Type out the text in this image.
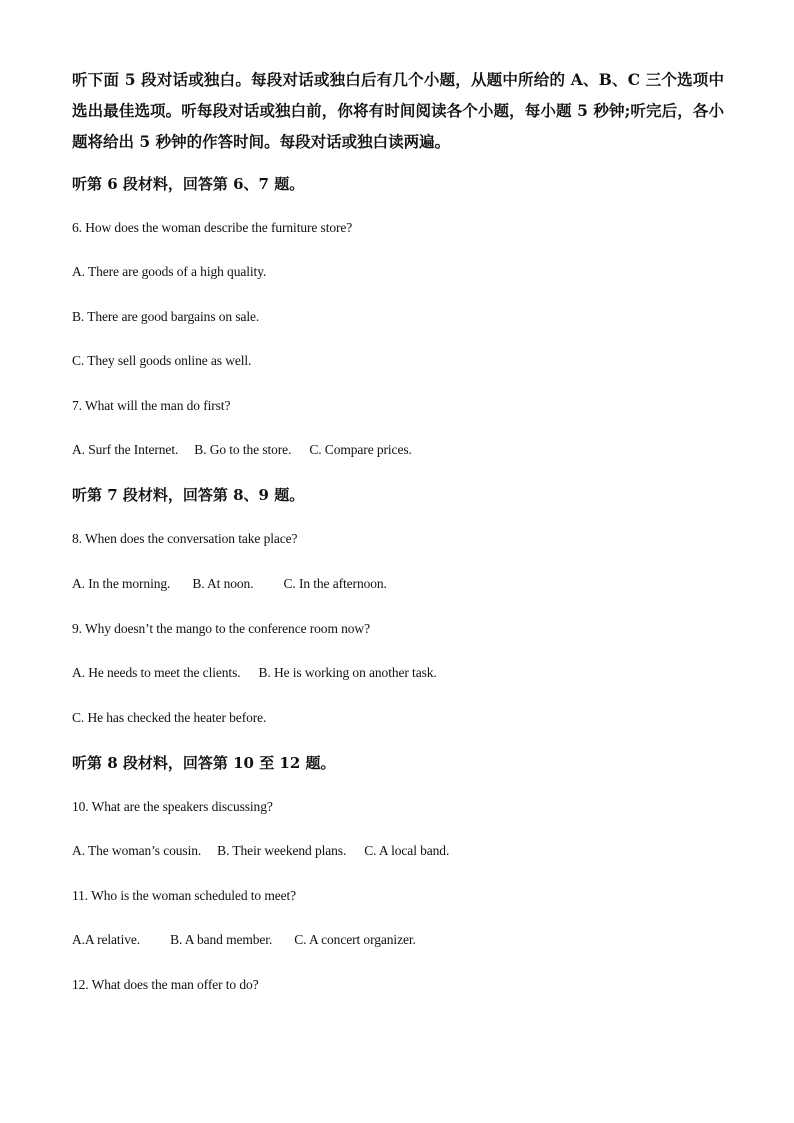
听下面 5 段对话或独白。每段对话或独白后有几个小题，从题中所给的 A、B、C 三个选项中选出最佳选项。听每段对话或独白前，你将有时间阅读各个小题，每小题 5 秒钟;听完后，各小题将给出 5 秒钟的作答时间。每段对话或独白读两遍。
听第 6 段材料，回答第 6、7 题。
6. How does the woman describe the furniture store?
A. There are goods of a high quality.
B. There are good bargains on sale.
C. They sell goods online as well.
7. What will the man do first?
A. Surf the Internet. B. Go to the store. C. Compare prices.
听第 7 段材料，回答第 8、9 题。
8. When does the conversation take place?
A. In the morning. B. At noon. C. In the afternoon.
9. Why doesn’t the mango to the conference room now?
A. He needs to meet the clients. B. He is working on another task.
C. He has checked the heater before.
听第 8 段材料，回答第 10 至 12 题。
10. What are the speakers discussing?
A. The woman’s cousin. B. Their weekend plans. C. A local band.
11. Who is the woman scheduled to meet?
A.A relative. B. A band member. C. A concert organizer.
12. What does the man offer to do?
